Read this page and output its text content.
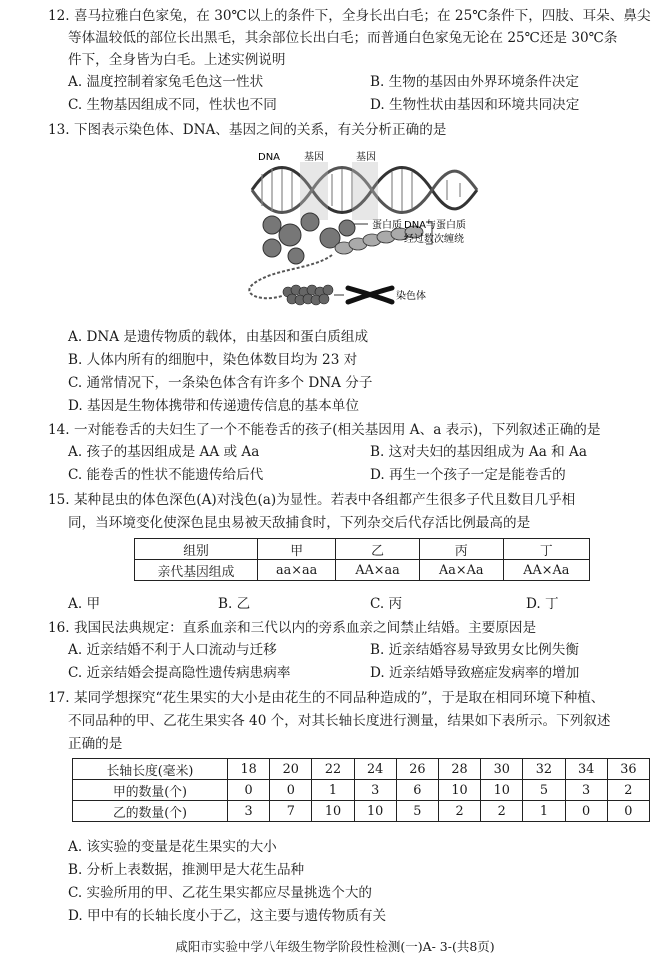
12. 喜马拉雅白色家兔，在 30℃以上的条件下，全身长出白毛；在 25℃条件下，四肢、耳朵、鼻尖
等体温较低的部位长出黑毛，其余部位长出白毛；而普通白色家兔无论在 25℃还是 30℃条
件下，全身皆为白毛。上述实例说明
A. 温度控制着家兔毛色这一性状	B. 生物的基因由外界环境条件决定
C. 生物基因组成不同，性状也不同	D. 生物性状由基因和环境共同决定
13. 下图表示染色体、DNA、基因之间的关系，有关分析正确的是
DNA 基因	基因
蛋白质 DNA与蛋白质
经过数次缠绕
染色体
A. DNA 是遗传物质的载体，由基因和蛋白质组成
B. 人体内所有的细胞中，染色体数目均为 23 对
C. 通常情况下，一条染色体含有许多个 DNA 分子
D. 基因是生物体携带和传递遗传信息的基本单位
14. 一对能卷舌的夫妇生了一个不能卷舌的孩子(相关基因用 A、a 表示)，下列叙述正确的是
A. 孩子的基因组成是 AA 或 Aa	B. 这对夫妇的基因组成为 Aa 和 Aa
C. 能卷舌的性状不能遗传给后代	D. 再生一个孩子一定是能卷舌的
15. 某种昆虫的体色深色(A)对浅色(a)为显性。若表中各组都产生很多子代且数目几乎相
同，当环境变化使深色昆虫易被天敌捕食时，下列杂交后代存活比例最高的是
组别	甲	乙	丙	丁
亲代基因组成	aa×aa	AA×aa	Aa×Aa	AA×Aa
A. 甲	B. 乙	C. 丙	D. 丁
16. 我国民法典规定：直系血亲和三代以内的旁系血亲之间禁止结婚。主要原因是
A. 近亲结婚不利于人口流动与迁移	B. 近亲结婚容易导致男女比例失衡
C. 近亲结婚会提高隐性遗传病患病率	D. 近亲结婚导致癌症发病率的增加
17. 某同学想探究“花生果实的大小是由花生的不同品种造成的”，于是取在相同环境下种植、
不同品种的甲、乙花生果实各 40 个，对其长轴长度进行测量，结果如下表所示。下列叙述
正确的是
长轴长度(毫米)	18	20	22	24	26	28	30	32	34	36
甲的数量(个)	0	0	1	3	6	10	10	5	3	2
乙的数量(个)	3	7	10	10	5	2	2	1	0	0
A. 该实验的变量是花生果实的大小
B. 分析上表数据，推测甲是大花生品种
C. 实验所用的甲、乙花生果实都应尽量挑选个大的
D. 甲中有的长轴长度小于乙，这主要与遗传物质有关
咸阳市实验中学八年级生物学阶段性检测(一)A- 3-(共8页)
